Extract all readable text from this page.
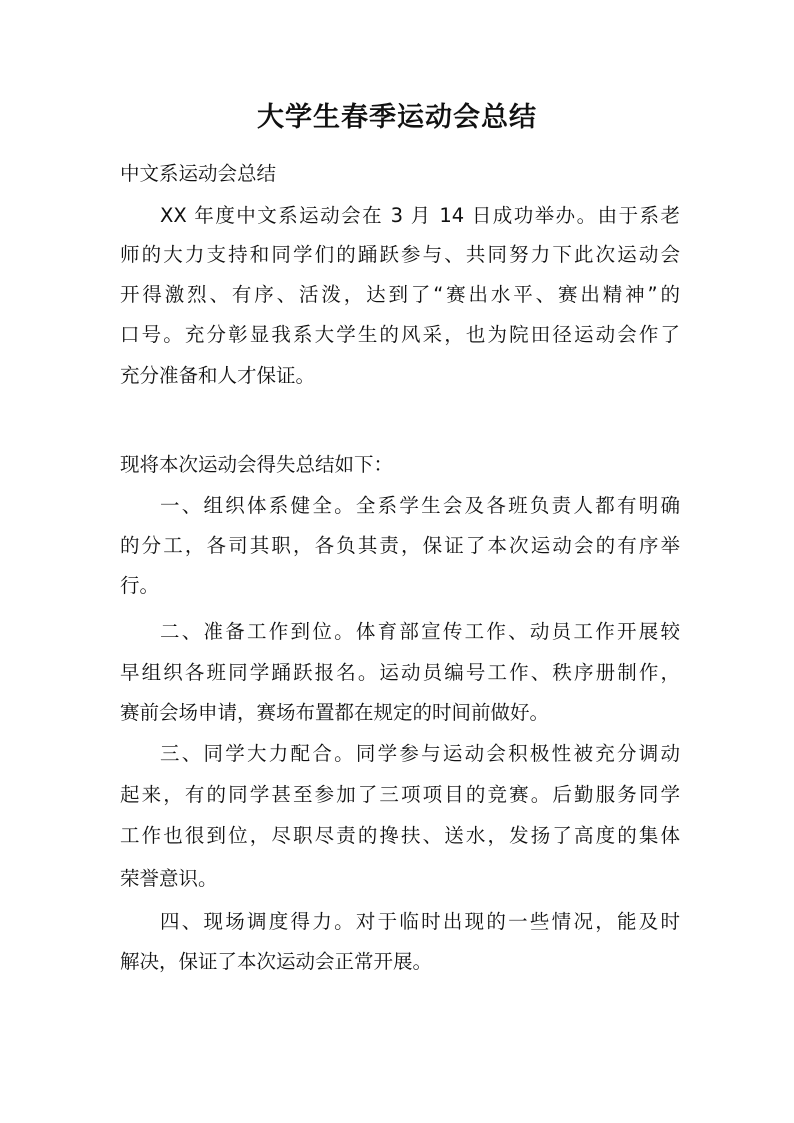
大学生春季运动会总结
中文系运动会总结
XX 年度中文系运动会在 3 月 14 日成功举办。由于系老
师的大力支持和同学们的踊跃参与、共同努力下此次运动会
开得激烈、有序、活泼，达到了“赛出水平、赛出精神”的
口号。充分彰显我系大学生的风采，也为院田径运动会作了
充分准备和人才保证。
现将本次运动会得失总结如下：
一、组织体系健全。全系学生会及各班负责人都有明确
的分工，各司其职，各负其责，保证了本次运动会的有序举
行。
二、准备工作到位。体育部宣传工作、动员工作开展较
早组织各班同学踊跃报名。运动员编号工作、秩序册制作，
赛前会场申请，赛场布置都在规定的时间前做好。
三、同学大力配合。同学参与运动会积极性被充分调动
起来，有的同学甚至参加了三项项目的竞赛。后勤服务同学
工作也很到位，尽职尽责的搀扶、送水，发扬了高度的集体
荣誉意识。
四、现场调度得力。对于临时出现的一些情况，能及时
解决，保证了本次运动会正常开展。
